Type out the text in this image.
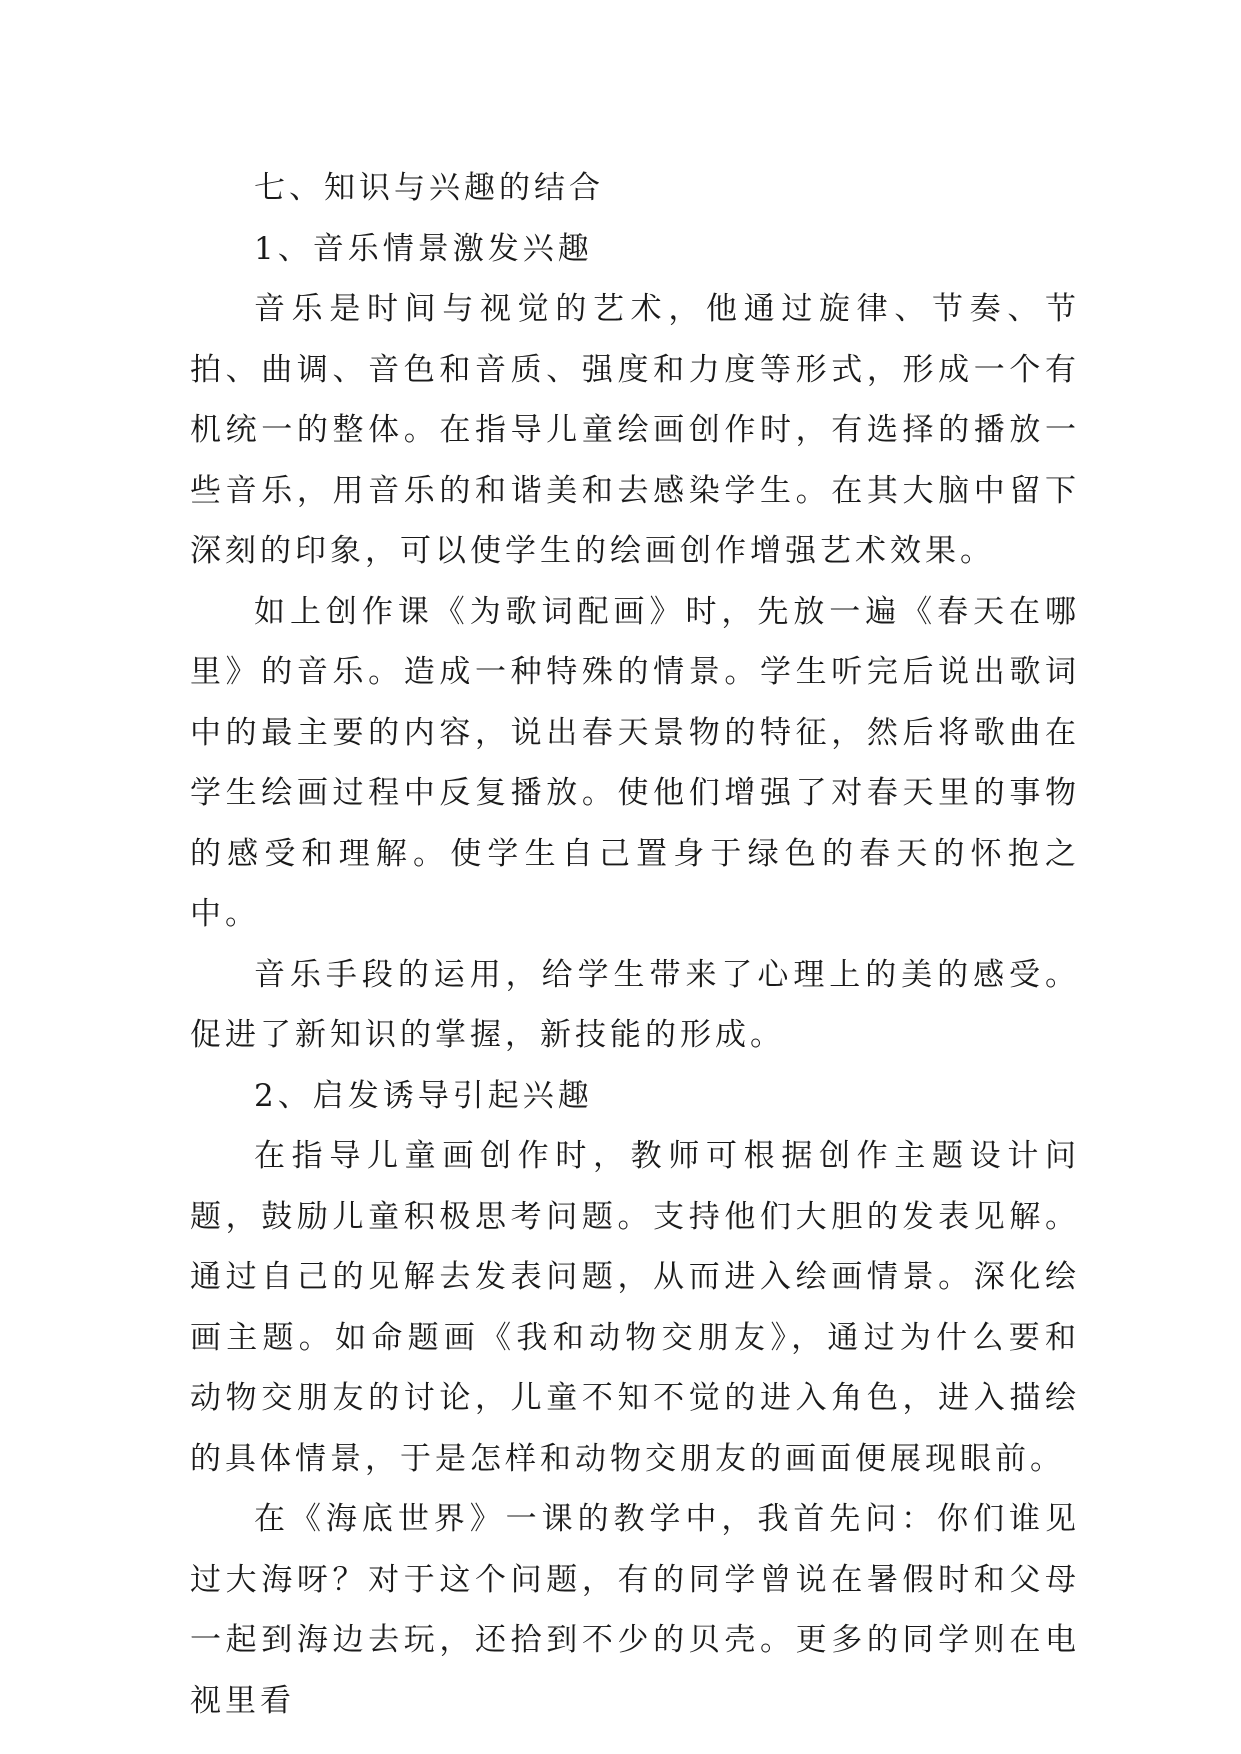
七、知识与兴趣的结合

1、音乐情景激发兴趣

音乐是时间与视觉的艺术，他通过旋律、节奏、节拍、曲调、音色和音质、强度和力度等形式，形成一个有机统一的整体。在指导儿童绘画创作时，有选择的播放一些音乐，用音乐的和谐美和去感染学生。在其大脑中留下深刻的印象，可以使学生的绘画创作增强艺术效果。

如上创作课《为歌词配画》时，先放一遍《春天在哪里》的音乐。造成一种特殊的情景。学生听完后说出歌词中的最主要的内容，说出春天景物的特征，然后将歌曲在学生绘画过程中反复播放。使他们增强了对春天里的事物的感受和理解。使学生自己置身于绿色的春天的怀抱之中。

音乐手段的运用，给学生带来了心理上的美的感受。促进了新知识的掌握，新技能的形成。

2、启发诱导引起兴趣

在指导儿童画创作时，教师可根据创作主题设计问题，鼓励儿童积极思考问题。支持他们大胆的发表见解。通过自己的见解去发表问题，从而进入绘画情景。深化绘画主题。如命题画《我和动物交朋友》，通过为什么要和动物交朋友的讨论，儿童不知不觉的进入角色，进入描绘的具体情景，于是怎样和动物交朋友的画面便展现眼前。

在《海底世界》一课的教学中，我首先问：你们谁见过大海呀？对于这个问题，有的同学曾说在暑假时和父母一起到海边去玩，还拾到不少的贝壳。更多的同学则在电视里看
